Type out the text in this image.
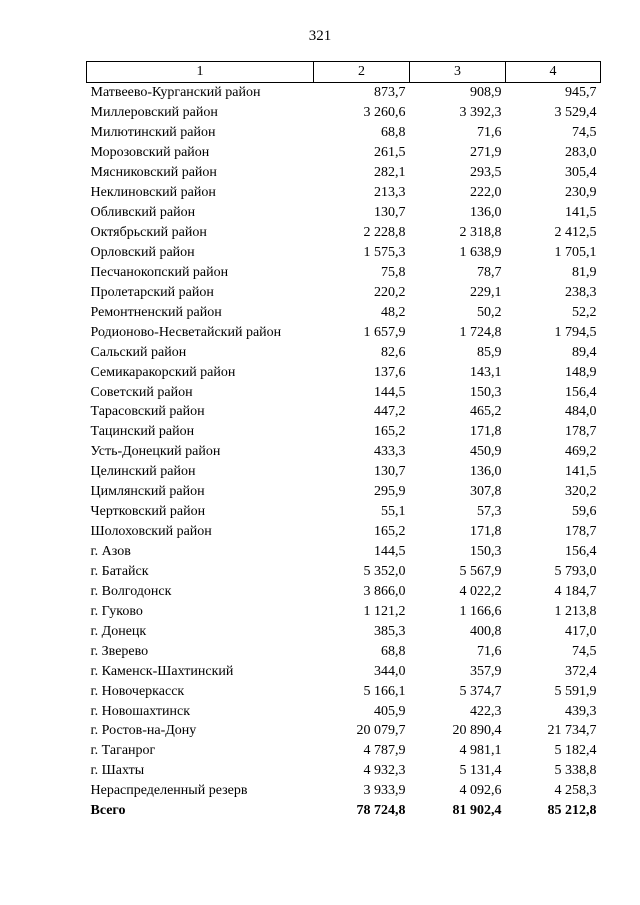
321
1	2	3	4
Матвеево-Курганский район	873,7	908,9	945,7
Миллеровский район	3 260,6	3 392,3	3 529,4
Милютинский район	68,8	71,6	74,5
Морозовский район	261,5	271,9	283,0
Мясниковский район	282,1	293,5	305,4
Неклиновский район	213,3	222,0	230,9
Обливский район	130,7	136,0	141,5
Октябрьский район	2 228,8	2 318,8	2 412,5
Орловский район	1 575,3	1 638,9	1 705,1
Песчанокопский район	75,8	78,7	81,9
Пролетарский район	220,2	229,1	238,3
Ремонтненский район	48,2	50,2	52,2
Родионово-Несветайский район	1 657,9	1 724,8	1 794,5
Сальский район	82,6	85,9	89,4
Семикаракорский район	137,6	143,1	148,9
Советский район	144,5	150,3	156,4
Тарасовский район	447,2	465,2	484,0
Тацинский район	165,2	171,8	178,7
Усть-Донецкий район	433,3	450,9	469,2
Целинский район	130,7	136,0	141,5
Цимлянский район	295,9	307,8	320,2
Чертковский район	55,1	57,3	59,6
Шолоховский район	165,2	171,8	178,7
г. Азов	144,5	150,3	156,4
г. Батайск	5 352,0	5 567,9	5 793,0
г. Волгодонск	3 866,0	4 022,2	4 184,7
г. Гуково	1 121,2	1 166,6	1 213,8
г. Донецк	385,3	400,8	417,0
г. Зверево	68,8	71,6	74,5
г. Каменск-Шахтинский	344,0	357,9	372,4
г. Новочеркасск	5 166,1	5 374,7	5 591,9
г. Новошахтинск	405,9	422,3	439,3
г. Ростов-на-Дону	20 079,7	20 890,4	21 734,7
г. Таганрог	4 787,9	4 981,1	5 182,4
г. Шахты	4 932,3	5 131,4	5 338,8
Нераспределенный резерв	3 933,9	4 092,6	4 258,3
Всего	78 724,8	81 902,4	85 212,8
